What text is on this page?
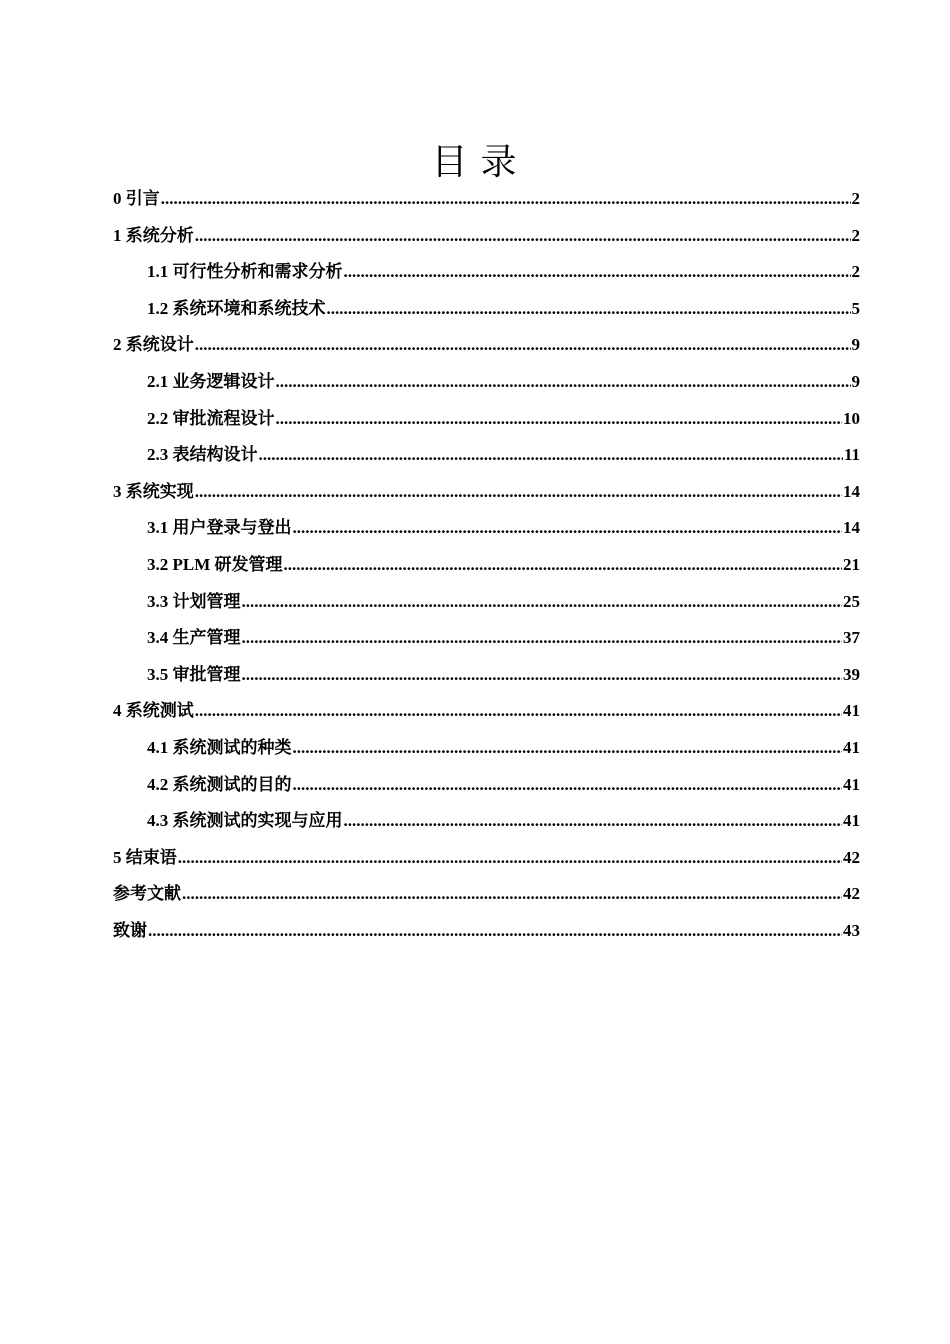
目 录
0 引言 .....	2
1 系统分析 .....	2
1.1 可行性分析和需求分析 .....	2
1.2 系统环境和系统技术 .....	5
2 系统设计 .....	9
2.1 业务逻辑设计 .....	9
2.2 审批流程设计 .....	10
2.3 表结构设计 .....	11
3 系统实现 .....	14
3.1 用户登录与登出 .....	14
3.2 PLM 研发管理 .....	21
3.3 计划管理 .....	25
3.4 生产管理 .....	37
3.5 审批管理 .....	39
4 系统测试 .....	41
4.1 系统测试的种类 .....	41
4.2 系统测试的目的 .....	41
4.3 系统测试的实现与应用 .....	41
5 结束语 .....	42
参考文献 .....	42
致谢 .....	43
